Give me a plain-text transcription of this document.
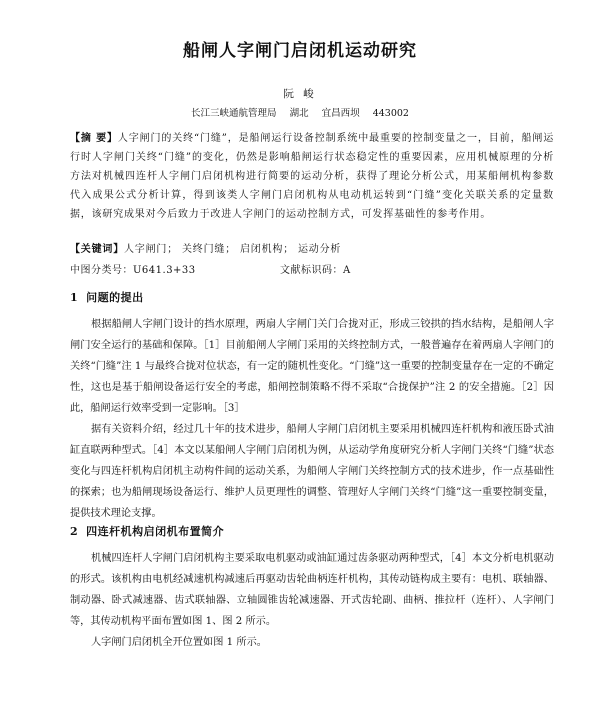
船闸人字闸门启闭机运动研究
阮 峻
长江三峡通航管理局 湖北 宜昌西坝 443002
【摘 要】人字闸门的关终“门缝”，是船闸运行设备控制系统中最重要的控制变量之一，目前，船闸运行时人字闸门关终“门缝”的变化，仍然是影响船闸运行状态稳定性的重要因素，应用机械原理的分析方法对机械四连杆人字闸门启闭机构进行简要的运动分析，获得了理论分析公式，用某船闸机构参数代入成果公式分析计算，得到该类人字闸门启闭机构从电动机运转到“门缝”变化关联关系的定量数据，该研究成果对今后致力于改进人字闸门的运动控制方式，可发挥基础性的参考作用。
【关键词】人字闸门； 关终门缝； 启闭机构； 运动分析
中图分类号：U641.3+33	文献标识码：A
1 问题的提出

根据船闸人字闸门设计的挡水原理，两扇人字闸门关门合拢对正，形成三铰拱的挡水结构，是船闸人字闸门安全运行的基础和保障。［1］目前船闸人字闸门采用的关终控制方式，一般普遍存在着两扇人字闸门的关终“门缝”注 1 与最终合拢对位状态，有一定的随机性变化。“门缝”这一重要的控制变量存在一定的不确定性，这也是基于船闸设备运行安全的考虑，船闸控制策略不得不采取“合拢保护”注 2 的安全措施。［2］因此，船闸运行效率受到一定影响。［3］

据有关资料介绍，经过几十年的技术进步，船闸人字闸门启闭机主要采用机械四连杆机构和液压卧式油缸直联两种型式。［4］本文以某船闸人字闸门启闭机为例，从运动学角度研究分析人字闸门关终“门缝”状态变化与四连杆机构启闭机主动构件间的运动关系，为船闸人字闸门关终控制方式的技术进步，作一点基础性的探索；也为船闸现场设备运行、维护人员更理性的调整、管理好人字闸门关终“门缝”这一重要控制变量，提供技术理论支撑。

2 四连杆机构启闭机布置简介

机械四连杆人字闸门启闭机构主要采取电机驱动或油缸通过齿条驱动两种型式，［4］本文分析电机驱动的形式。该机构由电机经减速机构减速后再驱动齿轮曲柄连杆机构，其传动链构成主要有：电机、联轴器、制动器、卧式减速器、齿式联轴器、立轴圆锥齿轮减速器、开式齿轮副、曲柄、推拉杆（连杆）、人字闸门等，其传动机构平面布置如图 1、图 2 所示。

人字闸门启闭机全开位置如图 1 所示。
